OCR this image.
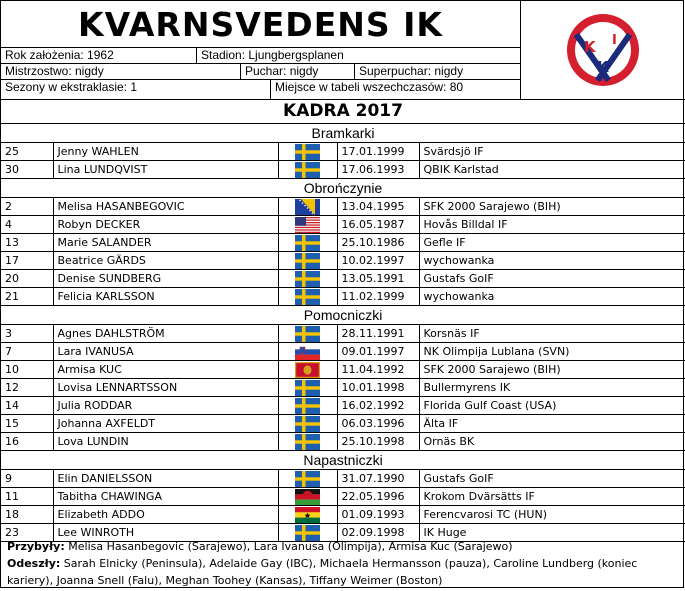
KVARNSVEDENS IK
K I
K
Rok założenia: 1962	Stadion: Ljungbergsplanen
Mistrzostwo: nigdy	Puchar: nigdy	Superpuchar: nigdy
Sezony w ekstraklasie: 1	Miejsce w tabeli wszechczasów: 80
KADRA 2017
Bramkarki				
25	Jenny WAHLEN		17.01.1999	Svärdsjö IF
30	Lina LUNDQVIST		17.06.1993	QBIK Karlstad
Obrończynie				
2	Melisa HASANBEGOVIC		13.04.1995	SFK 2000 Sarajewo (BIH)
4	Robyn DECKER		16.05.1987	Hovås Billdal IF
13	Marie SALANDER		25.10.1986	Gefle IF
17	Beatrice GÄRDS		10.02.1997	wychowanka
20	Denise SUNDBERG		13.05.1991	Gustafs GoIF
21	Felicia KARLSSON		11.02.1999	wychowanka
Pomocniczki				
3	Agnes DAHLSTRÖM		28.11.1991	Korsnäs IF
7	Lara IVANUSA		09.01.1997	NK Olimpija Lublana (SVN)
10	Armisa KUC		11.04.1992	SFK 2000 Sarajewo (BIH)
12	Lovisa LENNARTSSON		10.01.1998	Bullermyrens IK
14	Julia RODDAR		16.02.1992	Florida Gulf Coast (USA)
15	Johanna AXFELDT		06.03.1996	Älta IF
16	Lova LUNDIN		25.10.1998	Ornäs BK
Napastniczki				
9	Elin DANIELSSON		31.07.1990	Gustafs GoIF
11	Tabitha CHAWINGA		22.05.1996	Krokom Dvärsätts IF
18	Elizabeth ADDO		01.09.1993	Ferencvarosi TC (HUN)
23	Lee WINROTH		02.09.1998	IK Huge
Przybyły: Melisa Hasanbegovic (Sarajewo), Lara Ivanusa (Olimpija), Armisa Kuc (Sarajewo)
Odeszły: Sarah Elnicky (Peninsula), Adelaide Gay (IBC), Michaela Hermansson (pauza), Caroline Lundberg (koniec kariery), Joanna Snell (Falu), Meghan Toohey (Kansas), Tiffany Weimer (Boston)
